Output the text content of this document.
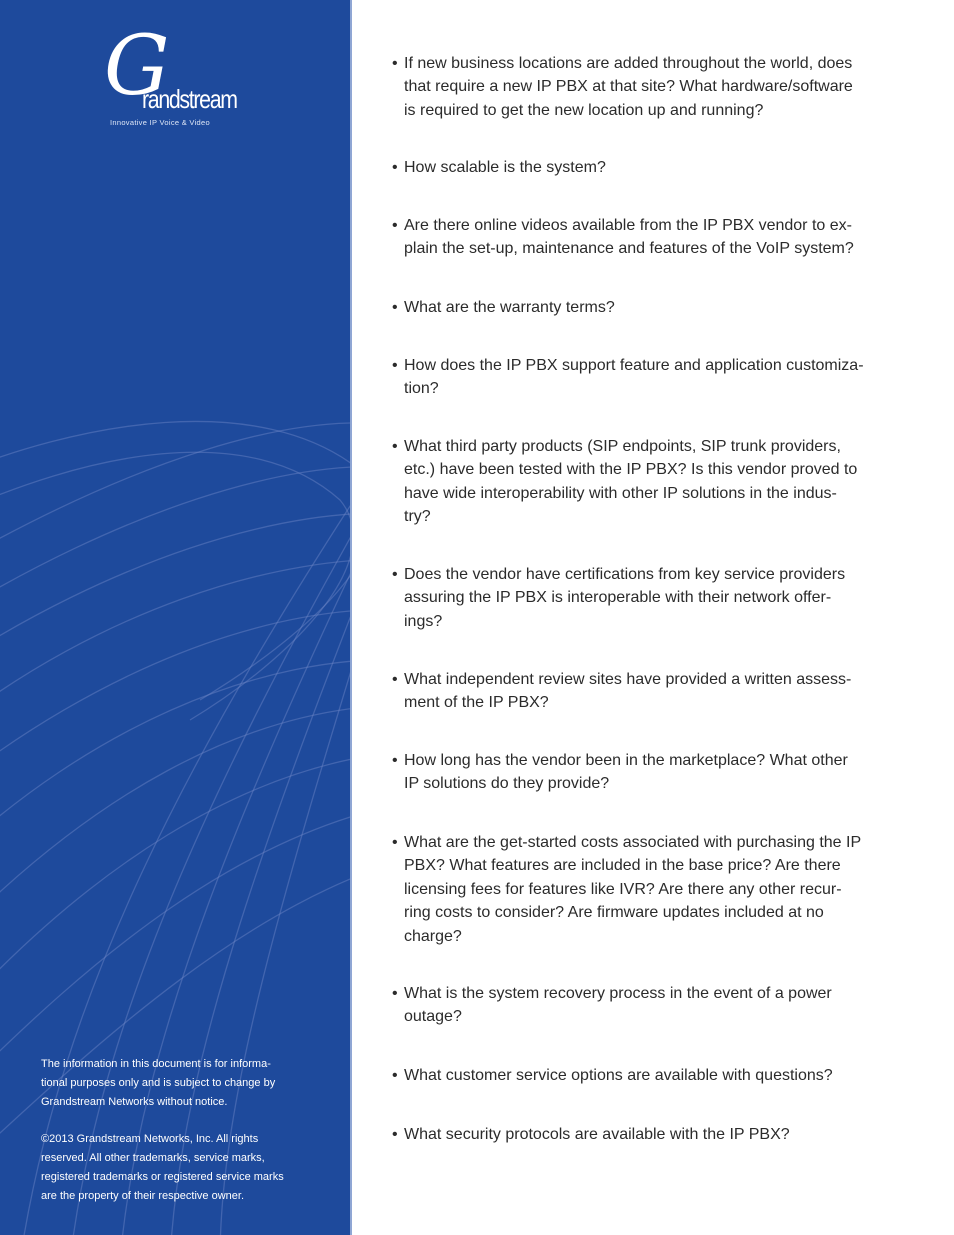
G
randstream
Innovative IP Voice & Video

The information in this document is for informa-
tional purposes only and is subject to change by
Grandstream Networks without notice.

©2013 Grandstream Networks, Inc. All rights
reserved. All other trademarks, service marks,
registered trademarks or registered service marks
are the property of their respective owner.

• If new business locations are added throughout the world, does
that require a new IP PBX at that site? What hardware/software
is required to get the new location up and running?
• How scalable is the system?
• Are there online videos available from the IP PBX vendor to ex-
plain the set-up, maintenance and features of the VoIP system?
• What are the warranty terms?
• How does the IP PBX support feature and application customiza-
tion?
• What third party products (SIP endpoints, SIP trunk providers,
etc.) have been tested with the IP PBX? Is this vendor proved to
have wide interoperability with other IP solutions in the indus-
try?
• Does the vendor have certifications from key service providers
assuring the IP PBX is interoperable with their network offer-
ings?
• What independent review sites have provided a written assess-
ment of the IP PBX?
• How long has the vendor been in the marketplace? What other
IP solutions do they provide?
• What are the get-started costs associated with purchasing the IP
PBX? What features are included in the base price? Are there
licensing fees for features like IVR? Are there any other recur-
ring costs to consider? Are firmware updates included at no
charge?
• What is the system recovery process in the event of a power
outage?
• What customer service options are available with questions?
• What security protocols are available with the IP PBX?
